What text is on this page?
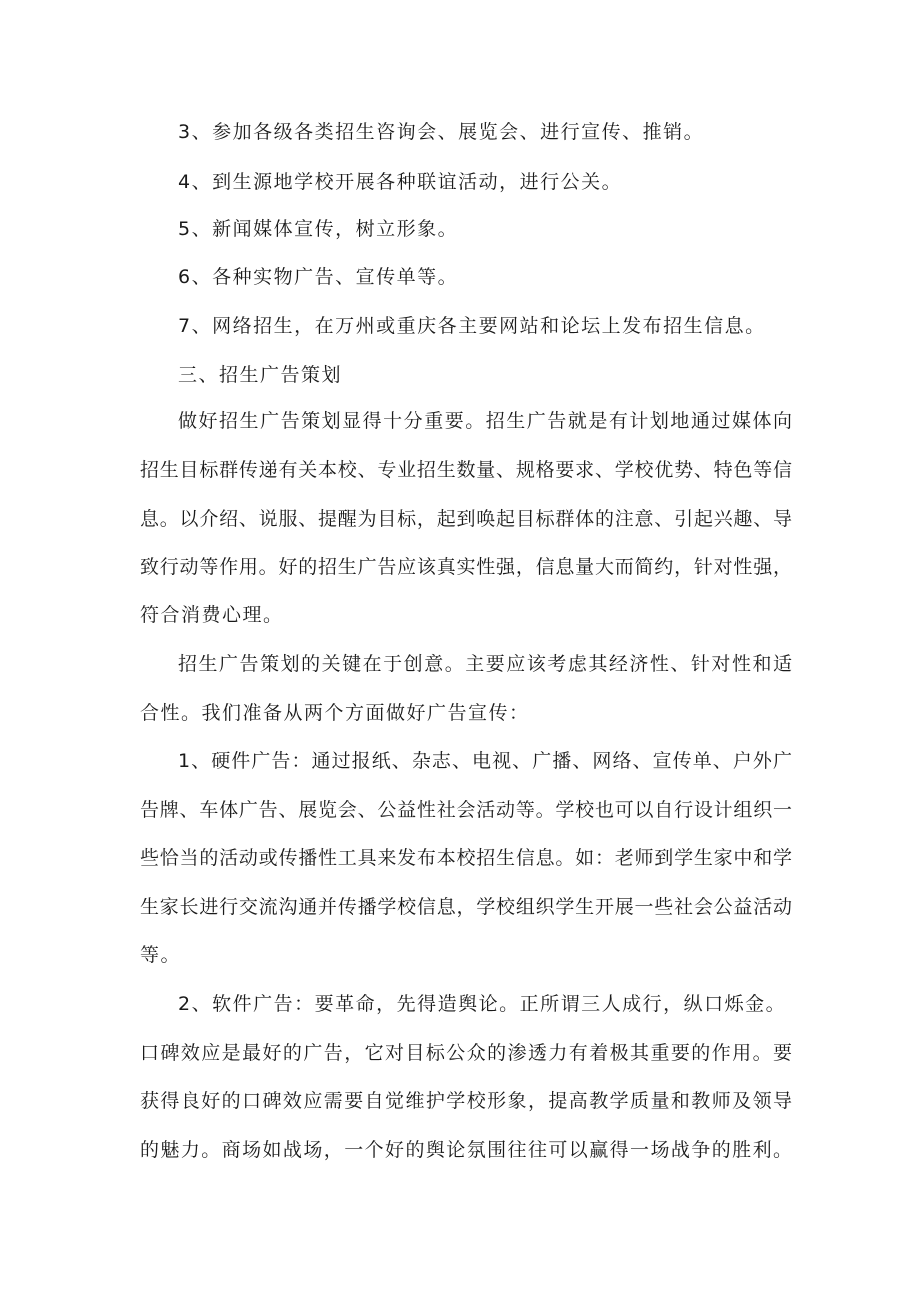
3、参加各级各类招生咨询会、展览会、进行宣传、推销。
4、到生源地学校开展各种联谊活动，进行公关。
5、新闻媒体宣传，树立形象。
6、各种实物广告、宣传单等。
7、网络招生，在万州或重庆各主要网站和论坛上发布招生信息。
三、招生广告策划
做好招生广告策划显得十分重要。招生广告就是有计划地通过媒体向
招生目标群传递有关本校、专业招生数量、规格要求、学校优势、特色等信
息。以介绍、说服、提醒为目标，起到唤起目标群体的注意、引起兴趣、导
致行动等作用。好的招生广告应该真实性强，信息量大而简约，针对性强，
符合消费心理。
招生广告策划的关键在于创意。主要应该考虑其经济性、针对性和适
合性。我们准备从两个方面做好广告宣传：
1、硬件广告：通过报纸、杂志、电视、广播、网络、宣传单、户外广
告牌、车体广告、展览会、公益性社会活动等。学校也可以自行设计组织一
些恰当的活动或传播性工具来发布本校招生信息。如：老师到学生家中和学
生家长进行交流沟通并传播学校信息，学校组织学生开展一些社会公益活动
等。
2、软件广告：要革命，先得造舆论。正所谓三人成行，纵口烁金。
口碑效应是最好的广告，它对目标公众的渗透力有着极其重要的作用。要
获得良好的口碑效应需要自觉维护学校形象，提高教学质量和教师及领导
的魅力。商场如战场，一个好的舆论氛围往往可以赢得一场战争的胜利。
